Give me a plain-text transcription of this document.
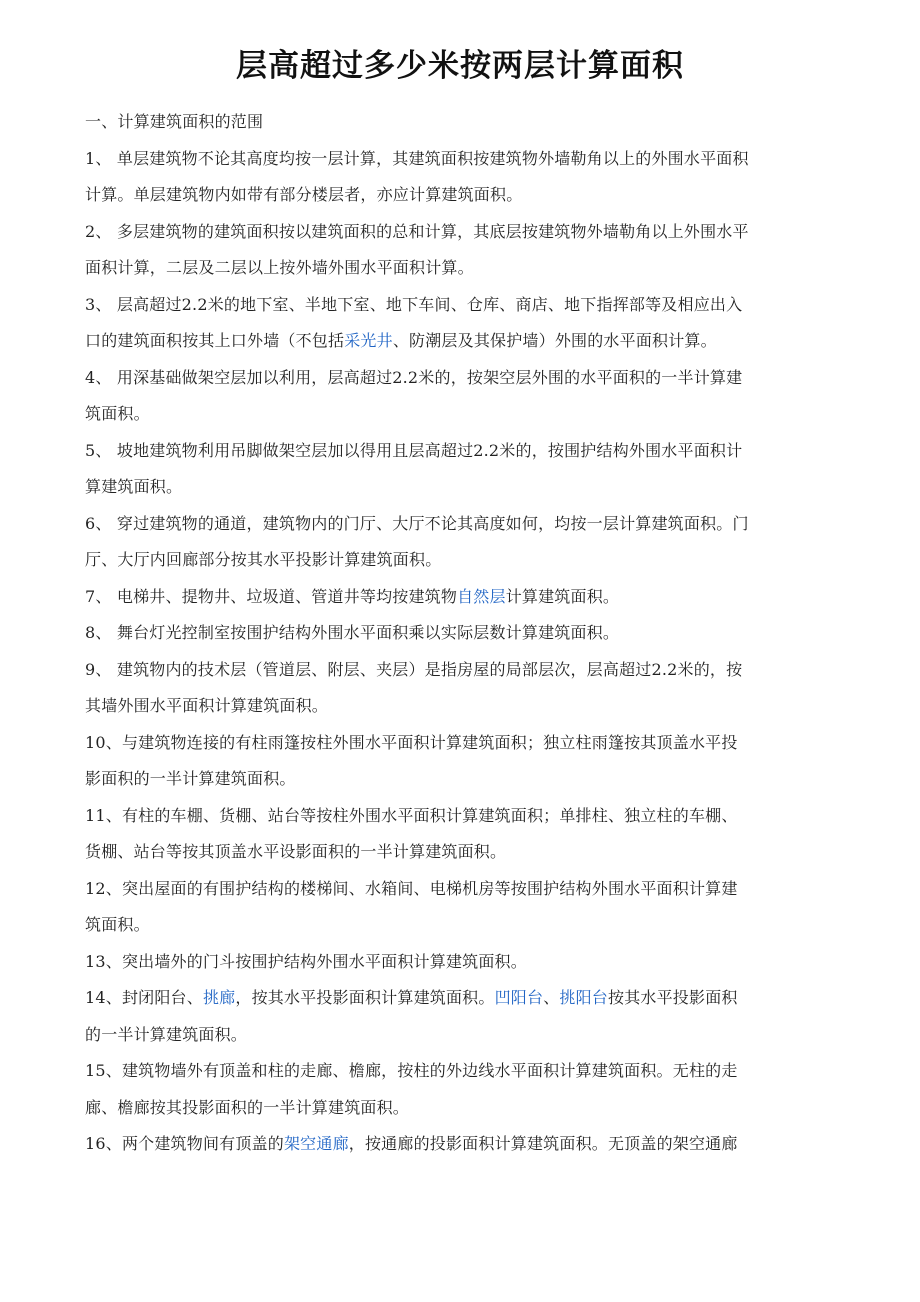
层高超过多少米按两层计算面积
一、计算建筑面积的范围
1、 单层建筑物不论其高度均按一层计算，其建筑面积按建筑物外墙勒角以上的外围水平面积
计算。单层建筑物内如带有部分楼层者，亦应计算建筑面积。
2、 多层建筑物的建筑面积按以建筑面积的总和计算，其底层按建筑物外墙勒角以上外围水平
面积计算，二层及二层以上按外墙外围水平面积计算。
3、 层高超过2.2米的地下室、半地下室、地下车间、仓库、商店、地下指挥部等及相应出入
口的建筑面积按其上口外墙（不包括采光井、防潮层及其保护墙）外围的水平面积计算。
4、 用深基础做架空层加以利用，层高超过2.2米的，按架空层外围的水平面积的一半计算建
筑面积。
5、 坡地建筑物利用吊脚做架空层加以得用且层高超过2.2米的，按围护结构外围水平面积计
算建筑面积。
6、 穿过建筑物的通道，建筑物内的门厅、大厅不论其高度如何，均按一层计算建筑面积。门
厅、大厅内回廊部分按其水平投影计算建筑面积。
7、 电梯井、提物井、垃圾道、管道井等均按建筑物自然层计算建筑面积。
8、 舞台灯光控制室按围护结构外围水平面积乘以实际层数计算建筑面积。
9、 建筑物内的技术层（管道层、附层、夹层）是指房屋的局部层次，层高超过2.2米的，按
其墙外围水平面积计算建筑面积。
10、与建筑物连接的有柱雨篷按柱外围水平面积计算建筑面积；独立柱雨篷按其顶盖水平投
影面积的一半计算建筑面积。
11、有柱的车棚、货棚、站台等按柱外围水平面积计算建筑面积；单排柱、独立柱的车棚、
货棚、站台等按其顶盖水平设影面积的一半计算建筑面积。
12、突出屋面的有围护结构的楼梯间、水箱间、电梯机房等按围护结构外围水平面积计算建
筑面积。
13、突出墙外的门斗按围护结构外围水平面积计算建筑面积。
14、封闭阳台、挑廊，按其水平投影面积计算建筑面积。凹阳台、挑阳台按其水平投影面积
的一半计算建筑面积。
15、建筑物墙外有顶盖和柱的走廊、檐廊，按柱的外边线水平面积计算建筑面积。无柱的走
廊、檐廊按其投影面积的一半计算建筑面积。
16、两个建筑物间有顶盖的架空通廊，按通廊的投影面积计算建筑面积。无顶盖的架空通廊
